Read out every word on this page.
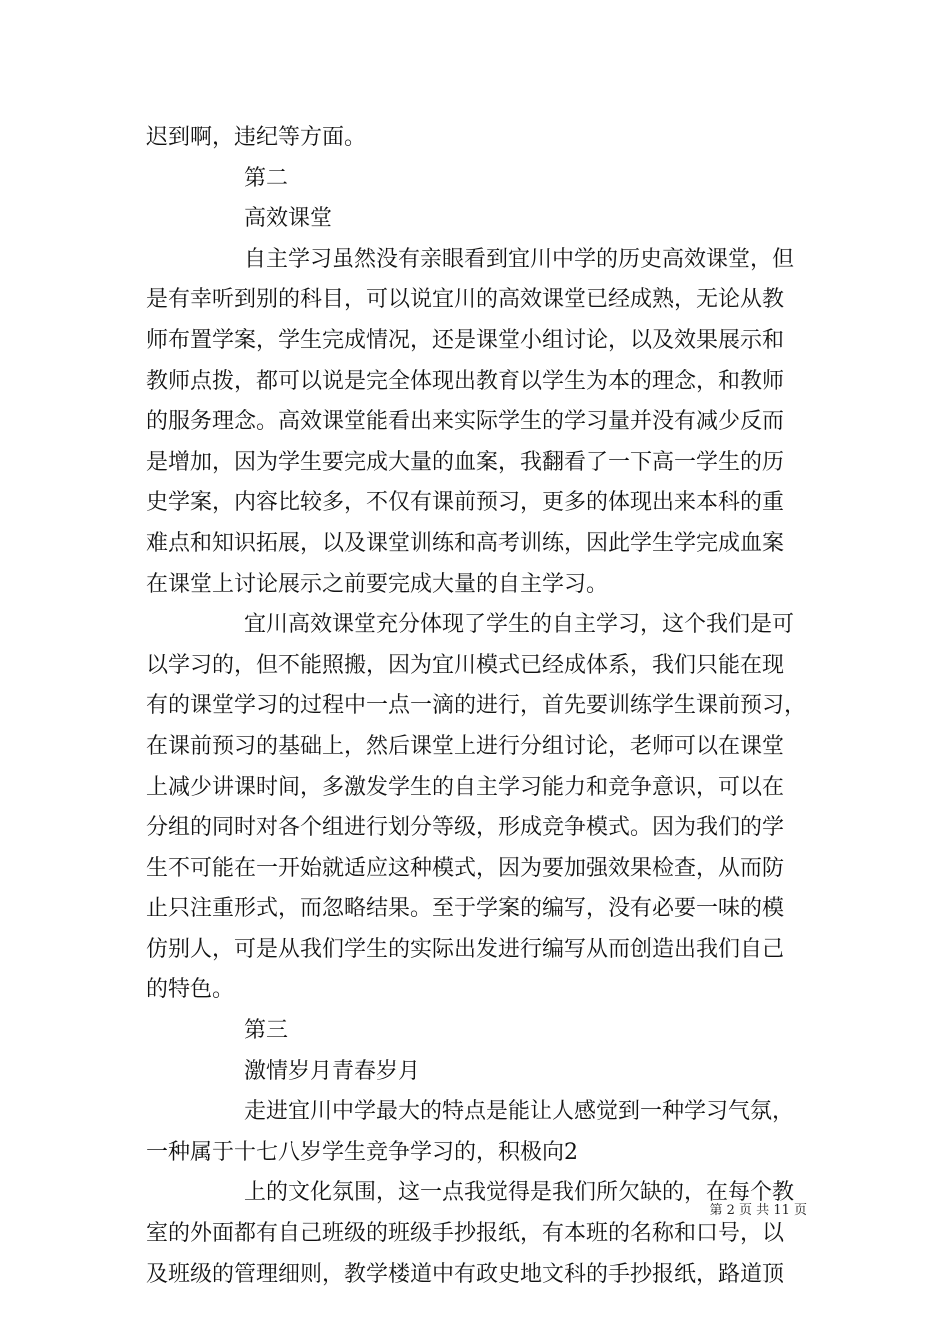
迟到啊，违纪等方面。
第二
高效课堂
自主学习虽然没有亲眼看到宜川中学的历史高效课堂，但
是有幸听到别的科目，可以说宜川的高效课堂已经成熟，无论从教
师布置学案，学生完成情况，还是课堂小组讨论，以及效果展示和
教师点拨，都可以说是完全体现出教育以学生为本的理念，和教师
的服务理念。高效课堂能看出来实际学生的学习量并没有减少反而
是增加，因为学生要完成大量的血案，我翻看了一下高一学生的历
史学案，内容比较多，不仅有课前预习，更多的体现出来本科的重
难点和知识拓展，以及课堂训练和高考训练，因此学生学完成血案
在课堂上讨论展示之前要完成大量的自主学习。
宜川高效课堂充分体现了学生的自主学习，这个我们是可
以学习的，但不能照搬，因为宜川模式已经成体系，我们只能在现
有的课堂学习的过程中一点一滴的进行，首先要训练学生课前预习，
在课前预习的基础上，然后课堂上进行分组讨论，老师可以在课堂
上减少讲课时间，多激发学生的自主学习能力和竞争意识，可以在
分组的同时对各个组进行划分等级，形成竞争模式。因为我们的学
生不可能在一开始就适应这种模式，因为要加强效果检查，从而防
止只注重形式，而忽略结果。至于学案的编写，没有必要一味的模
仿别人，可是从我们学生的实际出发进行编写从而创造出我们自己
的特色。
第三
激情岁月青春岁月
走进宜川中学最大的特点是能让人感觉到一种学习气氛，
一种属于十七八岁学生竞争学习的，积极向2
上的文化氛围，这一点我觉得是我们所欠缺的，在每个教
室的外面都有自己班级的班级手抄报纸，有本班的名称和口号，以
及班级的管理细则，教学楼道中有政史地文科的手抄报纸，路道顶
第 2 页 共 11 页
